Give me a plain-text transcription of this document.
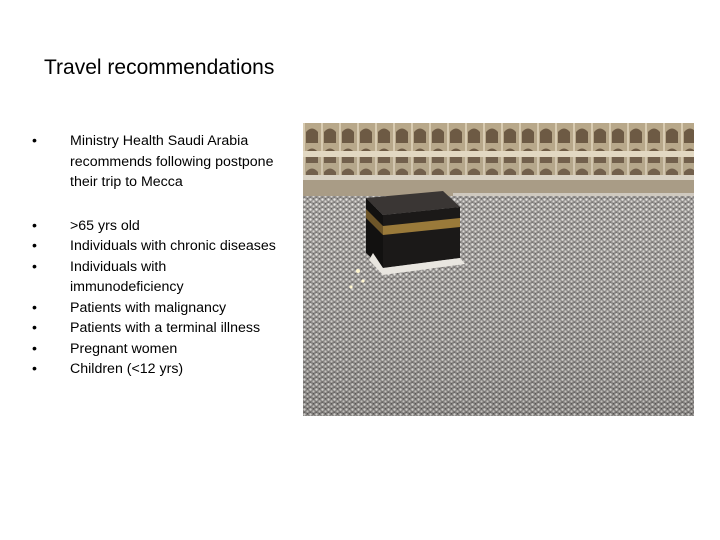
Travel recommendations
•	Ministry Health Saudi Arabia recommends following postpone their trip to Mecca
•	>65 yrs old
•	Individuals with chronic diseases
•	Individuals with immunodeficiency
•	Patients with malignancy
•	Patients with a terminal illness
•	Pregnant women
•	Children (<12 yrs)
